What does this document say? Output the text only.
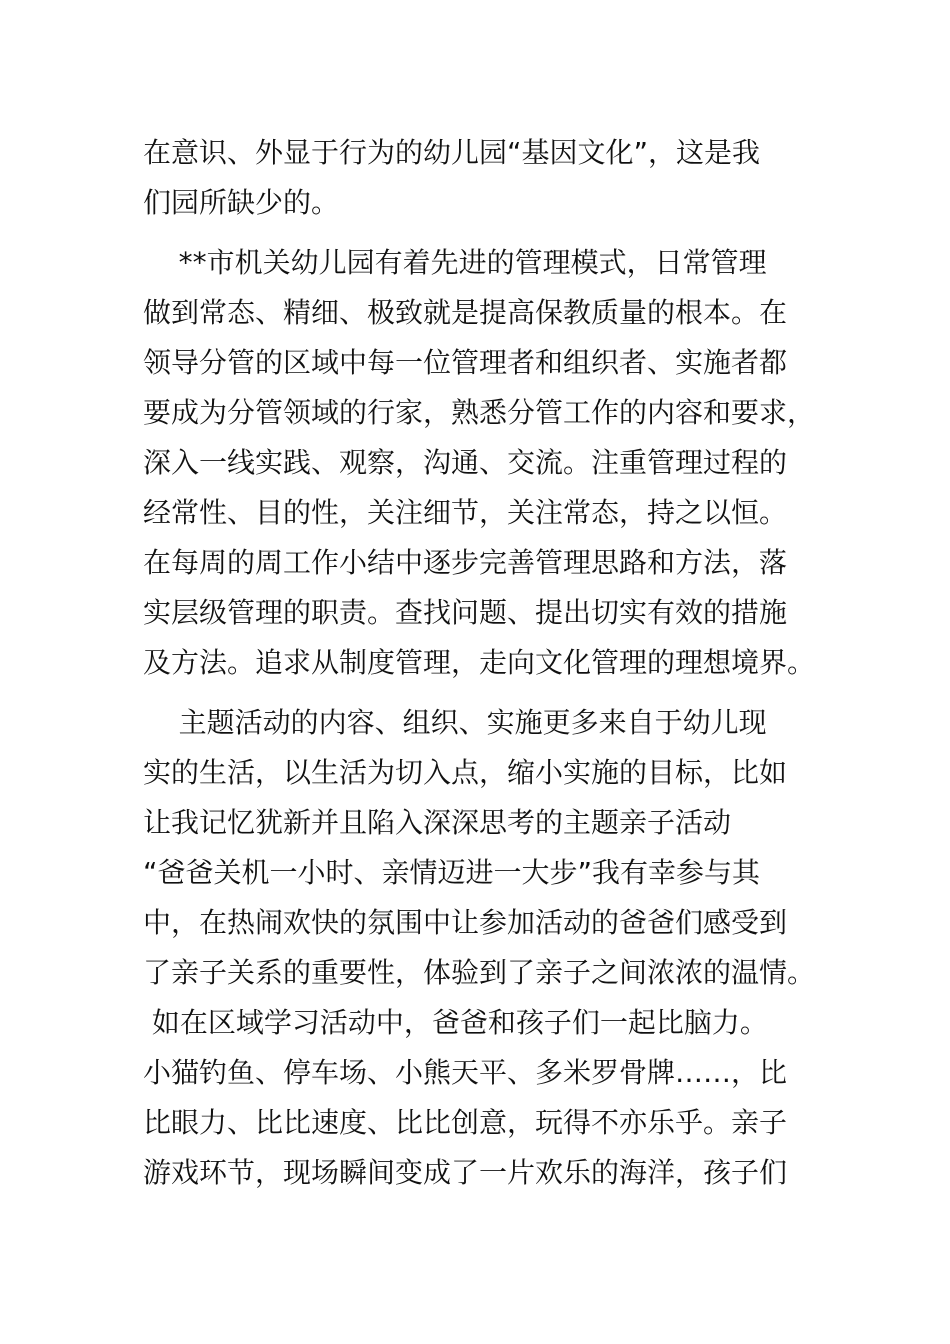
在意识、外显于行为的幼儿园“基因文化”，这是我
们园所缺少的。
**市机关幼儿园有着先进的管理模式，日常管理
做到常态、精细、极致就是提高保教质量的根本。在
领导分管的区域中每一位管理者和组织者、实施者都
要成为分管领域的行家，熟悉分管工作的内容和要求，
深入一线实践、观察，沟通、交流。注重管理过程的
经常性、目的性，关注细节，关注常态，持之以恒。
在每周的周工作小结中逐步完善管理思路和方法，落
实层级管理的职责。查找问题、提出切实有效的措施
及方法。追求从制度管理，走向文化管理的理想境界。
主题活动的内容、组织、实施更多来自于幼儿现
实的生活，以生活为切入点，缩小实施的目标，比如
让我记忆犹新并且陷入深深思考的主题亲子活动
“爸爸关机一小时、亲情迈进一大步”我有幸参与其
中，在热闹欢快的氛围中让参加活动的爸爸们感受到
了亲子关系的重要性，体验到了亲子之间浓浓的温情。
如在区域学习活动中，爸爸和孩子们一起比脑力。
小猫钓鱼、停车场、小熊天平、多米罗骨牌……，比
比眼力、比比速度、比比创意，玩得不亦乐乎。亲子
游戏环节，现场瞬间变成了一片欢乐的海洋，孩子们
